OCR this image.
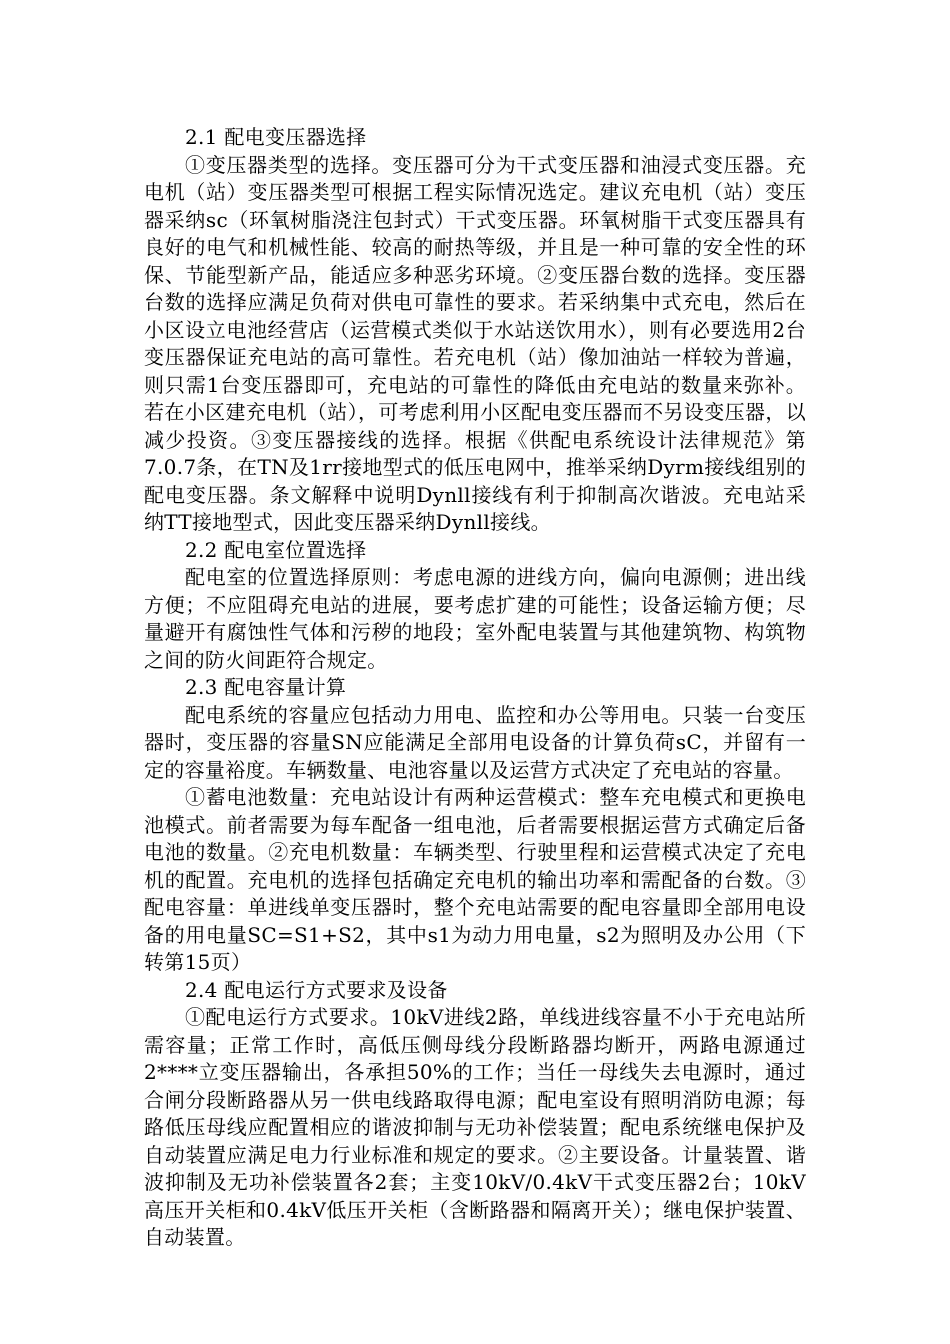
2.1 配电变压器选择

①变压器类型的选择。变压器可分为干式变压器和油浸式变压器。充电机（站）变压器类型可根据工程实际情况选定。建议充电机（站）变压器采纳sc（环氧树脂浇注包封式）干式变压器。环氧树脂干式变压器具有良好的电气和机械性能、较高的耐热等级，并且是一种可靠的安全性的环保、节能型新产品，能适应多种恶劣环境。②变压器台数的选择。变压器台数的选择应满足负荷对供电可靠性的要求。若采纳集中式充电，然后在小区设立电池经营店（运营模式类似于水站送饮用水），则有必要选用2台变压器保证充电站的高可靠性。若充电机（站）像加油站一样较为普遍，则只需1台变压器即可，充电站的可靠性的降低由充电站的数量来弥补。若在小区建充电机（站），可考虑利用小区配电变压器而不另设变压器，以减少投资。③变压器接线的选择。根据《供配电系统设计法律规范》第7.0.7条，在TN及1rr接地型式的低压电网中，推举采纳Dyrm接线组别的配电变压器。条文解释中说明Dynll接线有利于抑制高次谐波。充电站采纳TT接地型式，因此变压器采纳Dynll接线。

2.2 配电室位置选择

配电室的位置选择原则：考虑电源的进线方向，偏向电源侧；进出线方便；不应阻碍充电站的进展，要考虑扩建的可能性；设备运输方便；尽量避开有腐蚀性气体和污秽的地段；室外配电装置与其他建筑物、构筑物之间的防火间距符合规定。

2.3 配电容量计算

配电系统的容量应包括动力用电、监控和办公等用电。只装一台变压器时，变压器的容量SN应能满足全部用电设备的计算负荷sC，并留有一定的容量裕度。车辆数量、电池容量以及运营方式决定了充电站的容量。

①蓄电池数量：充电站设计有两种运营模式：整车充电模式和更换电池模式。前者需要为每车配备一组电池，后者需要根据运营方式确定后备电池的数量。②充电机数量：车辆类型、行驶里程和运营模式决定了充电机的配置。充电机的选择包括确定充电机的输出功率和需配备的台数。③配电容量：单进线单变压器时，整个充电站需要的配电容量即全部用电设备的用电量SC=S1+S2，其中s1为动力用电量，s2为照明及办公用（下转第15页）

2.4 配电运行方式要求及设备

①配电运行方式要求。10kV进线2路，单线进线容量不小于充电站所需容量；正常工作时，高低压侧母线分段断路器均断开，两路电源通过2****立变压器输出，各承担50%的工作；当任一母线失去电源时，通过合闸分段断路器从另一供电线路取得电源；配电室设有照明消防电源；每路低压母线应配置相应的谐波抑制与无功补偿装置；配电系统继电保护及自动装置应满足电力行业标准和规定的要求。②主要设备。计量装置、谐波抑制及无功补偿装置各2套；主变10kV/0.4kV干式变压器2台；10kV高压开关柜和0.4kV低压开关柜（含断路器和隔离开关）；继电保护装置、自动装置。
